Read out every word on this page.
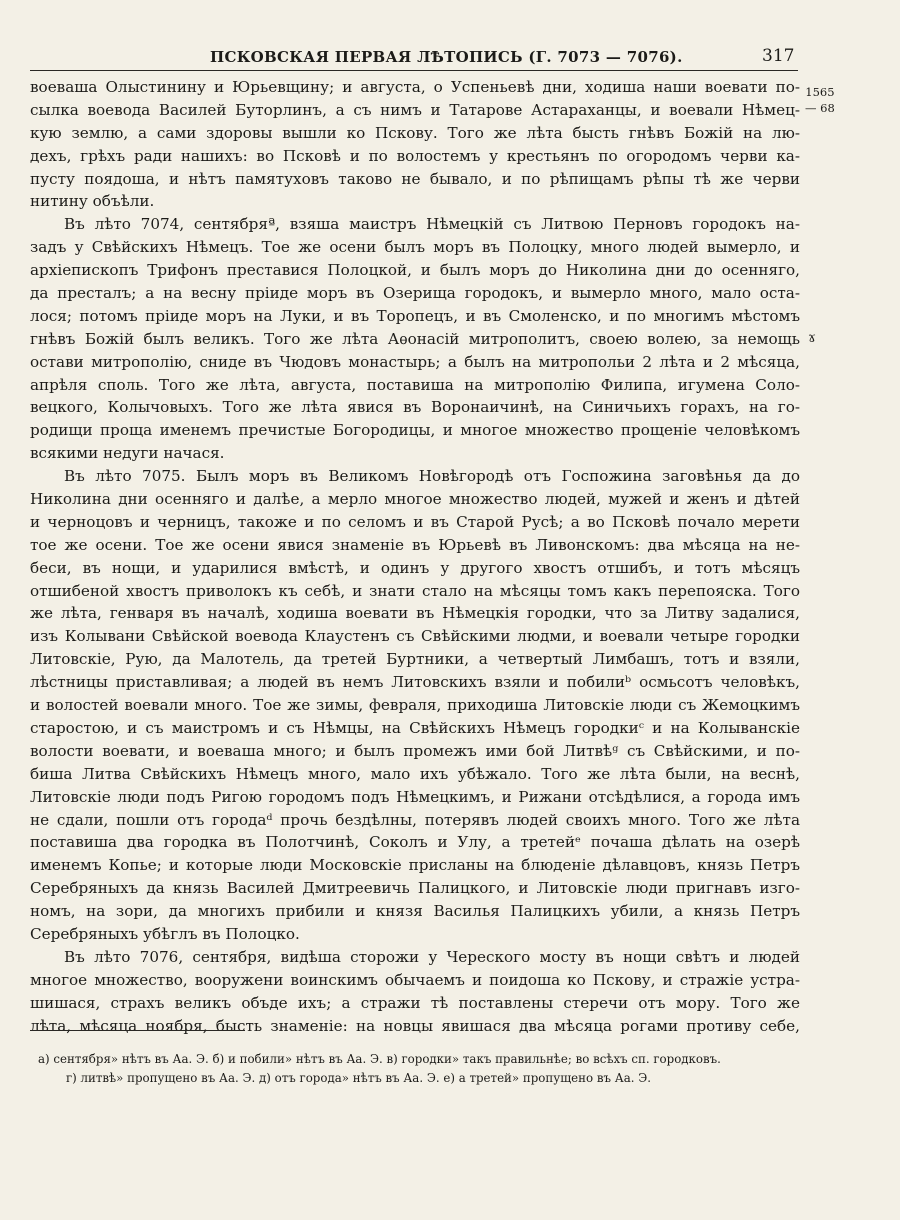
ПСКОВСКАЯ ПЕРВАЯ ЛѢТОПИСЬ (Г. 7073 — 7076).	317
1565
— 68
ɤ
воеваша Олыстинину и Юрьевщину; и августа, о Успеньевѣ дни, ходиша наши воевати по-
сылка воевода Василей Буторлинъ, а съ нимъ и Татарове Астараханцы, и воевали Нѣмец-
кую землю, а сами здоровы вышли ко Пскову. Того же лѣта бысть гнѣвъ Божій на лю-
дехъ, грѣхъ ради нашихъ: во Псковѣ и по волостемъ у крестьянъ по огородомъ черви ка-
пусту поядоша, и нѣтъ памятуховъ таково не бывало, и по рѣпищамъ рѣпы тѣ же черви
нитину объѣли.
Въ лѣто 7074, сентябряª, взяша маистръ Нѣмецкій съ Литвою Перновъ городокъ на-
задъ у Свѣйскихъ Нѣмецъ. Тое же осени былъ моръ въ Полоцку, много людей вымерло, и
архіепископъ Трифонъ преставися Полоцкой, и былъ моръ до Николина дни до осенняго,
да престалъ; а на весну пріиде моръ въ Озерища городокъ, и вымерло много, мало оста-
лося; потомъ пріиде моръ на Луки, и въ Торопецъ, и въ Смоленско, и по многимъ мѣстомъ
гнѣвъ Божій былъ великъ. Того же лѣта Аѳонасій митрополитъ, своею волею, за немощь
остави митрополію, сниде въ Чюдовъ монастырь; а былъ на митропольи 2 лѣта и 2 мѣсяца,
апрѣля споль. Того же лѣта, августа, поставиша на митрополію Филипа, игумена Соло-
вецкого, Колычовыхъ. Того же лѣта явися въ Воронаичинѣ, на Синичьихъ горахъ, на го-
родищи проща именемъ пречистые Богородицы, и многое множество прощеніе человѣкомъ
всякими недуги начася.
Въ лѣто 7075. Былъ моръ въ Великомъ Новѣгородѣ отъ Госпожина заговѣнья да до
Николина дни осенняго и далѣе, а мерло многое множество людей, мужей и женъ и дѣтей
и черноцовъ и черницъ, такоже и по селомъ и въ Старой Русѣ; а во Псковѣ почало мерети
тое же осени. Тое же осени явися знаменіе въ Юрьевѣ въ Ливонскомъ: два мѣсяца на не-
беси, въ нощи, и ударилися вмѣстѣ, и одинъ у другого хвостъ отшибъ, и тотъ мѣсяцъ
отшибеной хвостъ приволокъ къ себѣ, и знати стало на мѣсяцы томъ какъ перепояска. Того
же лѣта, генваря въ началѣ, ходиша воевати въ Нѣмецкія городки, что за Литву задалися,
изъ Колывани Свѣйской воевода Клаустенъ съ Свѣйскими людми, и воевали четыре городки
Литовскіе, Рую, да Малотель, да третей Буртники, а четвертый Лимбашъ, тотъ и взяли,
лѣстницы приставливая; а людей въ немъ Литовскихъ взяли и побилиᵇ осмьсотъ человѣкъ,
и волостей воевали много. Тое же зимы, февраля, приходиша Литовскіе люди съ Жемоцкимъ
старостою, и съ маистромъ и съ Нѣмцы, на Свѣйскихъ Нѣмецъ городкиᶜ и на Колыванскіе
волости воевати, и воеваша много; и былъ промежъ ими бой Литвѣᵍ съ Свѣйскими, и по-
биша Литва Свѣйскихъ Нѣмецъ много, мало ихъ убѣжало. Того же лѣта были, на веснѣ,
Литовскіе люди подъ Ригою городомъ подъ Нѣмецкимъ, и Рижани отсѣдѣлися, а города имъ
не сдали, пошли отъ городаᵈ прочь бездѣлны, потерявъ людей своихъ много. Того же лѣта
поставиша два городка въ Полотчинѣ, Соколъ и Улу, а третейᵉ почаша дѣлать на озерѣ
именемъ Копье; и которые люди Московскіе присланы на блюденіе дѣлавцовъ, князь Петръ
Серебряныхъ да князь Василей Дмитреевичь Палицкого, и Литовскіе люди пригнавъ изго-
номъ, на зори, да многихъ прибили и князя Василья Палицкихъ убили, а князь Петръ
Серебряныхъ убѣглъ въ Полоцко.
Въ лѣто 7076, сентября, видѣша сторожи у Череского мосту въ нощи свѣтъ и людей
многое множество, вооружени воинскимъ обычаемъ и поидоша ко Пскову, и стражіе устра-
шишася, страхъ великъ объде ихъ; а стражи тѣ поставлены стеречи отъ мору. Того же
лѣта, мѣсяца ноября, бысть знаменіе: на новцы явишася два мѣсяца рогами противу себе,
а) сентября» нѣтъ въ Аа. Э. б) и побили» нѣтъ въ Аа. Э. в) городки» такъ правильнѣе; во всѣхъ сп. городковъ.
г) литвѣ» пропущено въ Аа. Э. д) отъ города» нѣтъ въ Аа. Э. е) а третей» пропущено въ Аа. Э.
